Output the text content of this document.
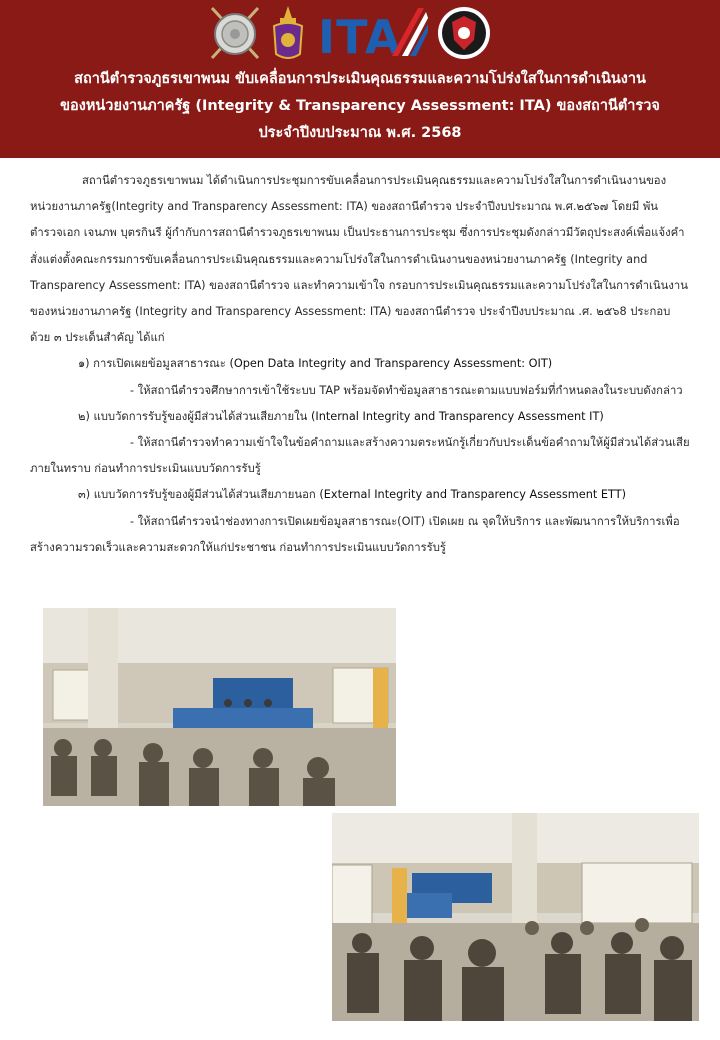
ITA
สถานีตำรวจภูธรเขาพนม ขับเคลื่อนการประเมินคุณธรรมและความโปร่งใสในการดำเนินงาน
ของหน่วยงานภาครัฐ (Integrity & Transparency Assessment: ITA) ของสถานีตำรวจ
ประจำปีงบประมาณ พ.ศ. 2568
สถานีตำรวจภูธรเขาพนม ได้ดำเนินการประชุมการขับเคลื่อนการประเมินคุณธรรมและความโปร่งใสในการดำเนินงานของหน่วยงานภาครัฐ(Integrity and Transparency Assessment: ITA) ของสถานีตำรวจ ประจำปีงบประมาณ พ.ศ.๒๕๖๗ โดยมี พันตำรวจเอก เจนภพ บุตรกินรี ผู้กำกับการสถานีตำรวจภูธรเขาพนม เป็นประธานการประชุม ซึ่งการประชุมดังกล่าวมีวัตถุประสงค์เพื่อแจ้งคำสั่งแต่งตั้งคณะกรรมการขับเคลื่อนการประเมินคุณธรรมและความโปร่งใสในการดำเนินงานของหน่วยงานภาครัฐ (Integrity and Transparency Assessment: ITA) ของสถานีตำรวจ และทำความเข้าใจ กรอบการประเมินคุณธรรมและความโปร่งใสในการดำเนินงานของหน่วยงานภาครัฐ (Integrity and Transparency Assessment: ITA) ของสถานีตำรวจ ประจำปีงบประมาณ .ศ. ๒๕๖8 ประกอบด้วย ๓ ประเด็นสำคัญ ได้แก่
๑) การเปิดเผยข้อมูลสาธารณะ (Open Data Integrity and Transparency Assessment: OIT)
- ให้สถานีตำรวจศึกษาการเข้าใช้ระบบ TAP พร้อมจัดทำข้อมูลสาธารณะตามแบบฟอร์มที่กำหนดลงในระบบดังกล่าว
๒) แบบวัดการรับรู้ของผู้มีส่วนได้ส่วนเสียภายใน (Internal Integrity and Transparency Assessment IT)
- ให้สถานีตำรวจทำความเข้าใจในข้อคำถามและสร้างความตระหนักรู้เกี่ยวกับประเด็นข้อคำถามให้ผู้มีส่วนได้ส่วนเสียภายในทราบ ก่อนทำการประเมินแบบวัดการรับรู้
๓) แบบวัดการรับรู้ของผู้มีส่วนได้ส่วนเสียภายนอก (External Integrity and Transparency Assessment ETT)
- ให้สถานีตำรวจนำช่องทางการเปิดเผยข้อมูลสาธารณะ(OIT) เปิดเผย ณ จุดให้บริการ และพัฒนาการให้บริการเพื่อสร้างความรวดเร็วและความสะดวกให้แก่ประชาชน ก่อนทำการประเมินแบบวัดการรับรู้
